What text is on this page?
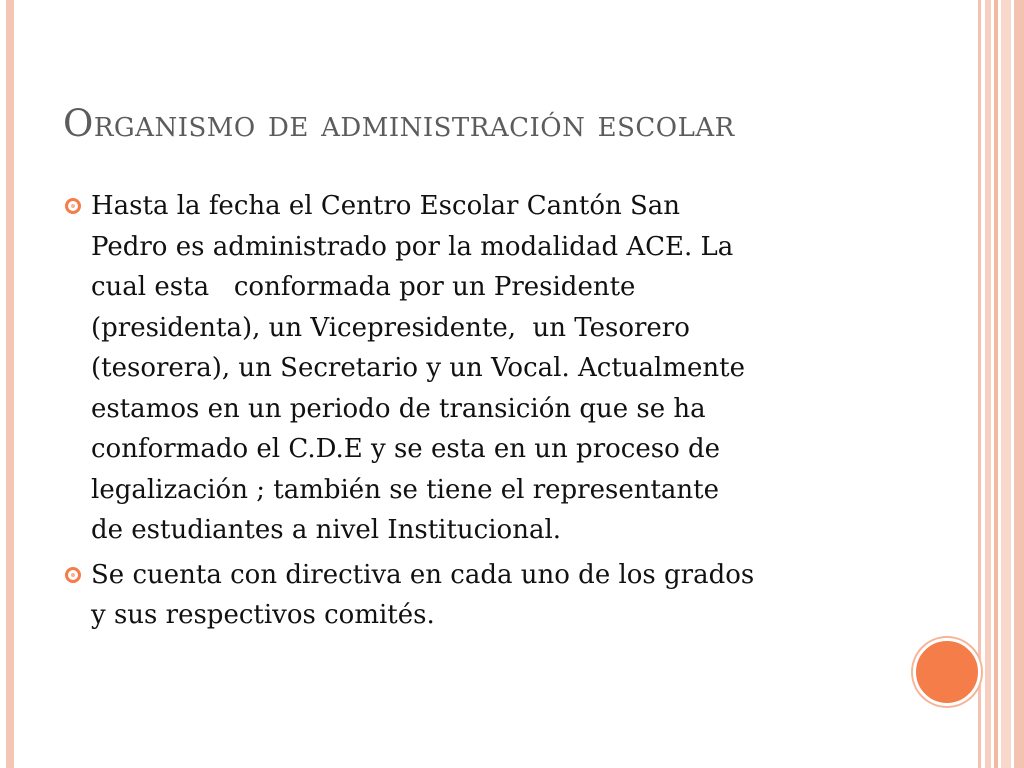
Organismo de administración escolar
Hasta la fecha el Centro Escolar Cantón San
Pedro es administrado por la modalidad ACE. La
cual esta   conformada por un Presidente
(presidenta), un Vicepresidente,  un Tesorero
(tesorera), un Secretario y un Vocal. Actualmente
estamos en un periodo de transición que se ha
conformado el C.D.E y se esta en un proceso de
legalización ; también se tiene el representante
de estudiantes a nivel Institucional.
Se cuenta con directiva en cada uno de los grados
y sus respectivos comités.
